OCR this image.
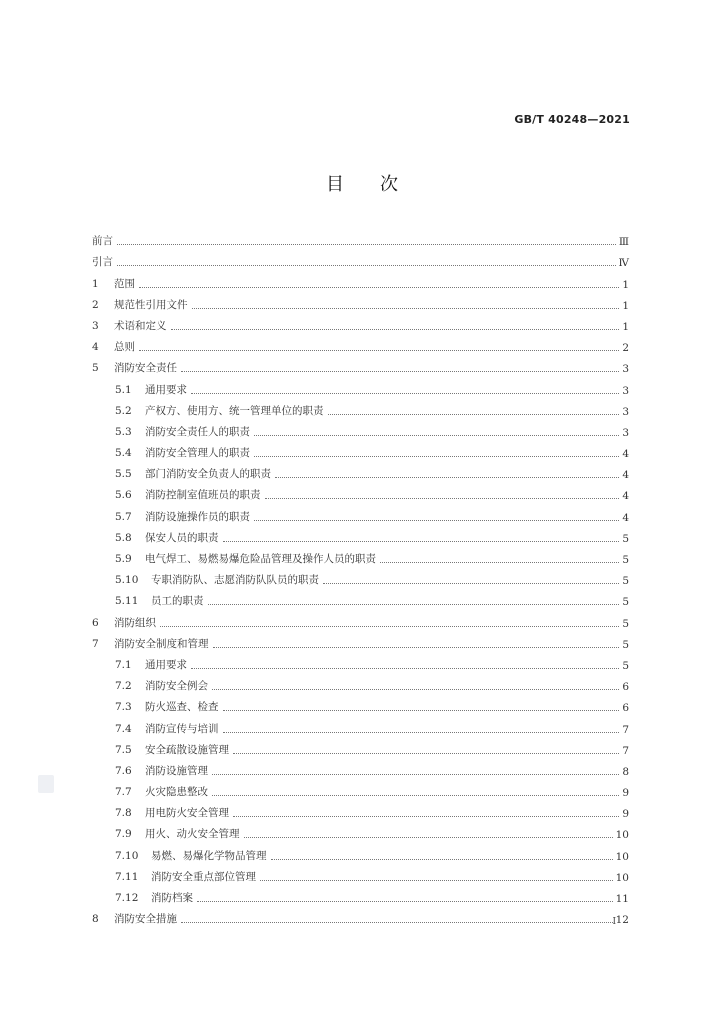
GB/T 40248—2021
目次
前言	Ⅲ
引言	Ⅳ
1 范围	1
2 规范性引用文件	1
3 术语和定义	1
4 总则	2
5 消防安全责任	3
5.1 通用要求	3
5.2 产权方、使用方、统一管理单位的职责	3
5.3 消防安全责任人的职责	3
5.4 消防安全管理人的职责	4
5.5 部门消防安全负责人的职责	4
5.6 消防控制室值班员的职责	4
5.7 消防设施操作员的职责	4
5.8 保安人员的职责	5
5.9 电气焊工、易燃易爆危险品管理及操作人员的职责	5
5.10 专职消防队、志愿消防队队员的职责	5
5.11 员工的职责	5
6 消防组织	5
7 消防安全制度和管理	5
7.1 通用要求	5
7.2 消防安全例会	6
7.3 防火巡查、检查	6
7.4 消防宣传与培训	7
7.5 安全疏散设施管理	7
7.6 消防设施管理	8
7.7 火灾隐患整改	9
7.8 用电防火安全管理	9
7.9 用火、动火安全管理	10
7.10 易燃、易爆化学物品管理	10
7.11 消防安全重点部位管理	10
7.12 消防档案	11
8 消防安全措施	12
I
